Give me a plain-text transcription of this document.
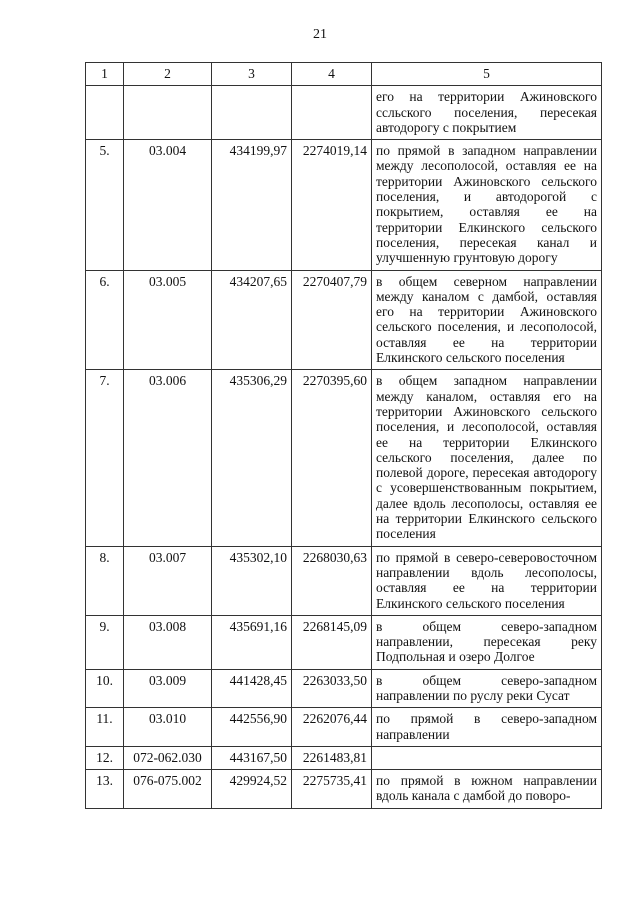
21
1	2	3	4	5
				его на территории Ажиновского ссльского поселения, пересекая автодорогу с покрытием
5.	03.004	434199,97	2274019,14	по прямой в западном направлении между лесополосой, оставляя ее на территории Ажиновского сельского поселения, и автодорогой с покрытием, оставляя ее на территории Елкинского сельского поселения, пересекая канал и улучшенную грунтовую дорогу
6.	03.005	434207,65	2270407,79	в общем северном направлении между каналом с дамбой, оставляя его на территории Ажиновского сельского поселения, и лесополосой, оставляя ее на территории Елкинского сельского поселения
7.	03.006	435306,29	2270395,60	в общем западном направлении между каналом, оставляя его на территории Ажиновского сельского поселения, и лесополосой, оставляя ее на территории Елкинского сельского поселения, далее по полевой дороге, пересекая автодорогу с усовершенствованным покрытием, далее вдоль лесополосы, оставляя ее на территории Елкинского сельского поселения
8.	03.007	435302,10	2268030,63	по прямой в северо-северовосточном направлении вдоль лесополосы, оставляя ее на территории Елкинского сельского поселения
9.	03.008	435691,16	2268145,09	в общем северо-западном направлении, пересекая реку Подпольная и озеро Долгое
10.	03.009	441428,45	2263033,50	в общем северо-западном направлении по руслу реки Сусат
11.	03.010	442556,90	2262076,44	по прямой в северо-западном направлении
12.	072-062.030	443167,50	2261483,81	
13.	076-075.002	429924,52	2275735,41	по прямой в южном направлении вдоль канала с дамбой до поворо-
